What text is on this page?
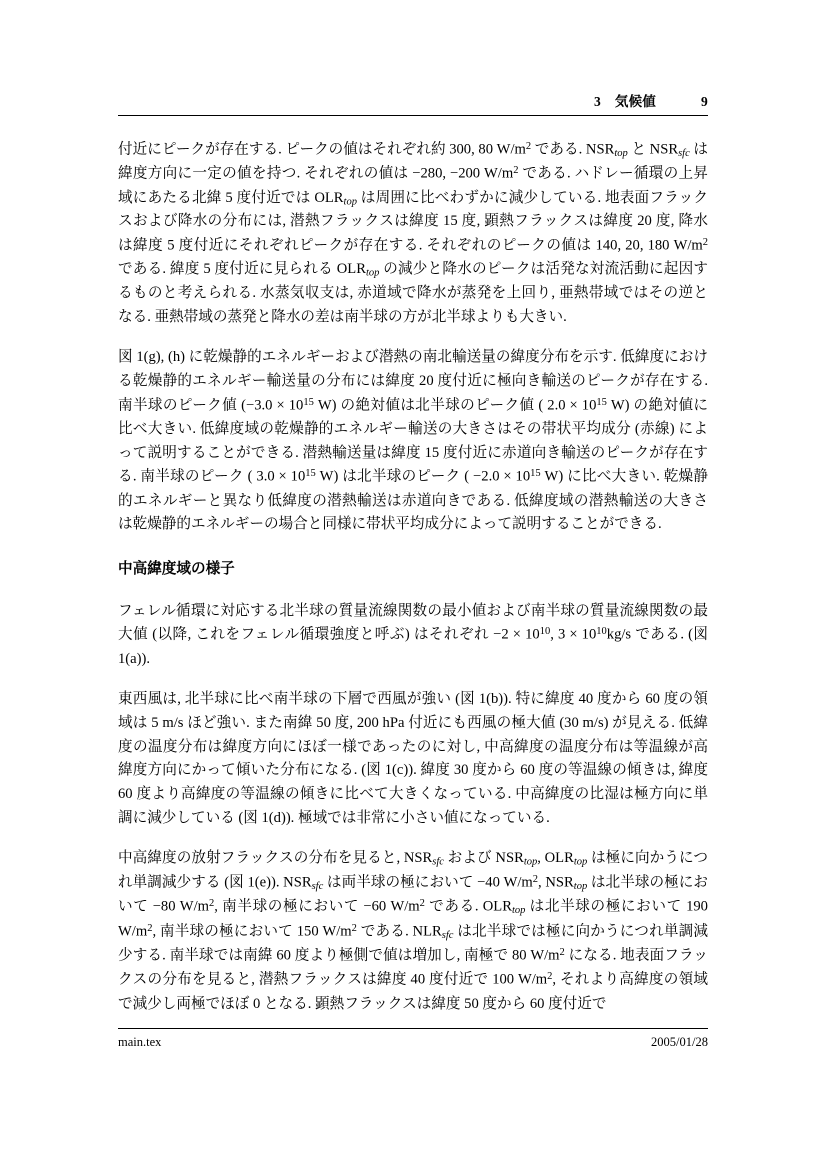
3 気候値	9

付近にピークが存在する. ピークの値はそれぞれ約 300, 80 $W/m^2$ である. $NSR_{top}$ と $NSR_{sfc}$ は緯度方向に一定の値を持つ. それぞれの値は −280, −200 $W/m^2$ である. ハドレー循環の上昇域にあたる北緯 5 度付近では $OLR_{top}$ は周囲に比べわずかに減少している. 地表面フラックスおよび降水の分布には, 潜熱フラックスは緯度 15 度, 顕熱フラックスは緯度 20 度, 降水は緯度 5 度付近にそれぞれピークが存在する. それぞれのピークの値は 140, 20, 180 $W/m^2$ である. 緯度 5 度付近に見られる $OLR_{top}$ の減少と降水のピークは活発な対流活動に起因するものと考えられる. 水蒸気収支は, 赤道域で降水が蒸発を上回り, 亜熱帯域ではその逆となる. 亜熱帯域の蒸発と降水の差は南半球の方が北半球よりも大きい.

図 1(g), (h) に乾燥静的エネルギーおよび潜熱の南北輸送量の緯度分布を示す. 低緯度における乾燥静的エネルギー輸送量の分布には緯度 20 度付近に極向き輸送のピークが存在する. 南半球のピーク値 ($-3.0 \times 10^{15}$ W) の絶対値は北半球のピーク値 ( $2.0 \times 10^{15}$ W) の絶対値に比べ大きい. 低緯度域の乾燥静的エネルギー輸送の大きさはその帯状平均成分 (赤線) によって説明することができる. 潜熱輸送量は緯度 15 度付近に赤道向き輸送のピークが存在する. 南半球のピーク ( $3.0 \times 10^{15}$ W) は北半球のピーク ( $-2.0 \times 10^{15}$ W) に比べ大きい. 乾燥静的エネルギーと異なり低緯度の潜熱輸送は赤道向きである. 低緯度域の潜熱輸送の大きさは乾燥静的エネルギーの場合と同様に帯状平均成分によって説明することができる.

中高緯度域の様子

フェレル循環に対応する北半球の質量流線関数の最小値および南半球の質量流線関数の最大値 (以降, これをフェレル循環強度と呼ぶ) はそれぞれ $-2 \times 10^{10}$, $3 \times 10^{10}kg/s$ である. (図 1(a)).

東西風は, 北半球に比べ南半球の下層で西風が強い (図 1(b)). 特に緯度 40 度から 60 度の領域は 5 m/s ほど強い. また南緯 50 度, 200 hPa 付近にも西風の極大値 (30 m/s) が見える. 低緯度の温度分布は緯度方向にほぼ一様であったのに対し, 中高緯度の温度分布は等温線が高緯度方向にかって傾いた分布になる. (図 1(c)). 緯度 30 度から 60 度の等温線の傾きは, 緯度 60 度より高緯度の等温線の傾きに比べて大きくなっている. 中高緯度の比湿は極方向に単調に減少している (図 1(d)). 極域では非常に小さい値になっている.

中高緯度の放射フラックスの分布を見ると, $NSR_{sfc}$ および $NSR_{top}$, $OLR_{top}$ は極に向かうにつれ単調減少する (図 1(e)). $NSR_{sfc}$ は両半球の極において −40 $W/m^2$, $NSR_{top}$ は北半球の極において −80 $W/m^2$, 南半球の極において −60 $W/m^2$ である. $OLR_{top}$ は北半球の極において 190 $W/m^2$, 南半球の極において 150 $W/m^2$ である. $NLR_{sfc}$ は北半球では極に向かうにつれ単調減少する. 南半球では南緯 60 度より極側で値は増加し, 南極で 80 $W/m^2$ になる. 地表面フラックスの分布を見ると, 潜熱フラックスは緯度 40 度付近で 100 $W/m^2$, それより高緯度の領域で減少し両極でほぼ 0 となる. 顕熱フラックスは緯度 50 度から 60 度付近で

main.tex	2005/01/28
